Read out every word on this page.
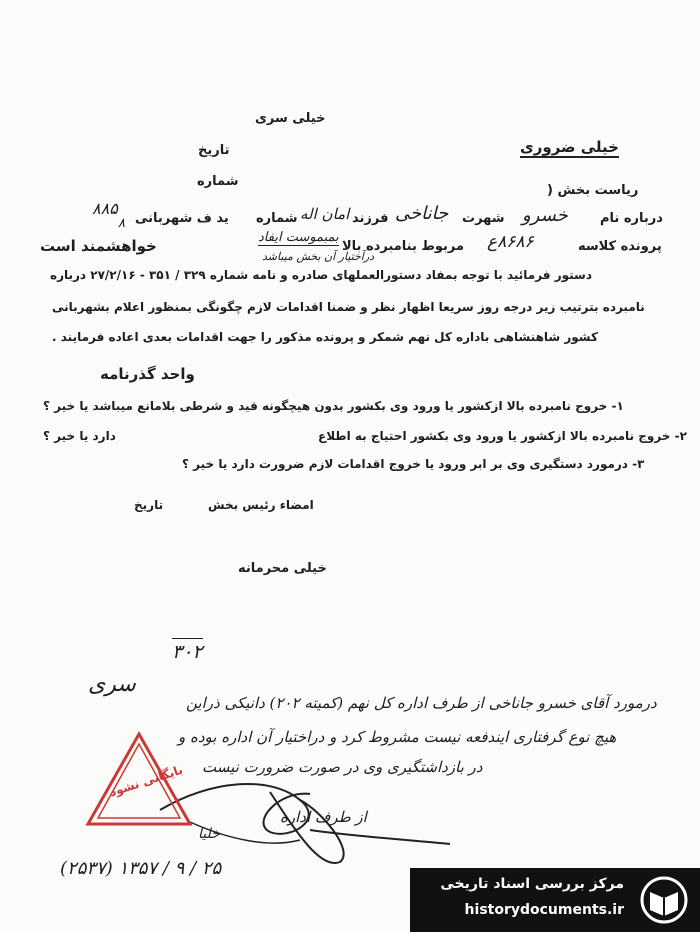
خیلی سری
خیلی ضروری
تاریخ
شماره
ریاست بخش (
درباره نام
خسرو
شهرت
جاناخی
فرزند
امان اله
شماره
ید ف شهربانی
۸۸۵
۸
پرونده کلاسه
۸۶۸۶ع
مربوط بنامبرده بالا
بمبموست ایفاد
خواهشمند است
درآختیار آن بخش میباشد
دستور فرمائید با توجه بمفاد دستورالعملهای صادره و نامه شماره ۳۲۹ / ۳۵۱ - ۲۷/۲/۱۶ درباره
نامبرده بترتیب زیر درجه روز سریعا اظهار نظر و ضمنا اقدامات لازم چگونگی بمنظور اعلام بشهربانی
کشور شاهنشاهی باداره کل نهم شمکر و پرونده مذکور را جهت اقدامات بعدی اعاده فرمایند .
واحد گذرنامه
۱- خروج نامبرده بالا ازکشور یا ورود وی بکشور بدون هیچگونه قید و شرطی بلامانع میباشد یا خیر ؟
۲- خروج نامبرده بالا ازکشور یا ورود وی بکشور احتیاج به اطلاع
دارد یا خیر ؟
۳- درمورد دستگیری وی بر ابر ورود یا خروج اقدامات لازم ضرورت دارد یا خیر ؟
امضاء رئیس بخش
تاریخ
خیلی محرمانه
۳۰۲
سری
درمورد آقای خسرو جاناخی از طرف اداره کل نهم (کمیته ۲۰۲) دانیکی ذراین
هیچ نوع گرفتاری ایندفعه نیست مشروط کرد و دراختیار آن اداره بوده و
در بازداشتگیری وی در صورت ضرورت نیست
از طرف اداره
خلیا
۲۵ / ۹ / ۱۳۵۷ (۲۵۳۷)
بایگانی نشود
مرکز بررسی اسناد تاریخی
historydocuments.ir
